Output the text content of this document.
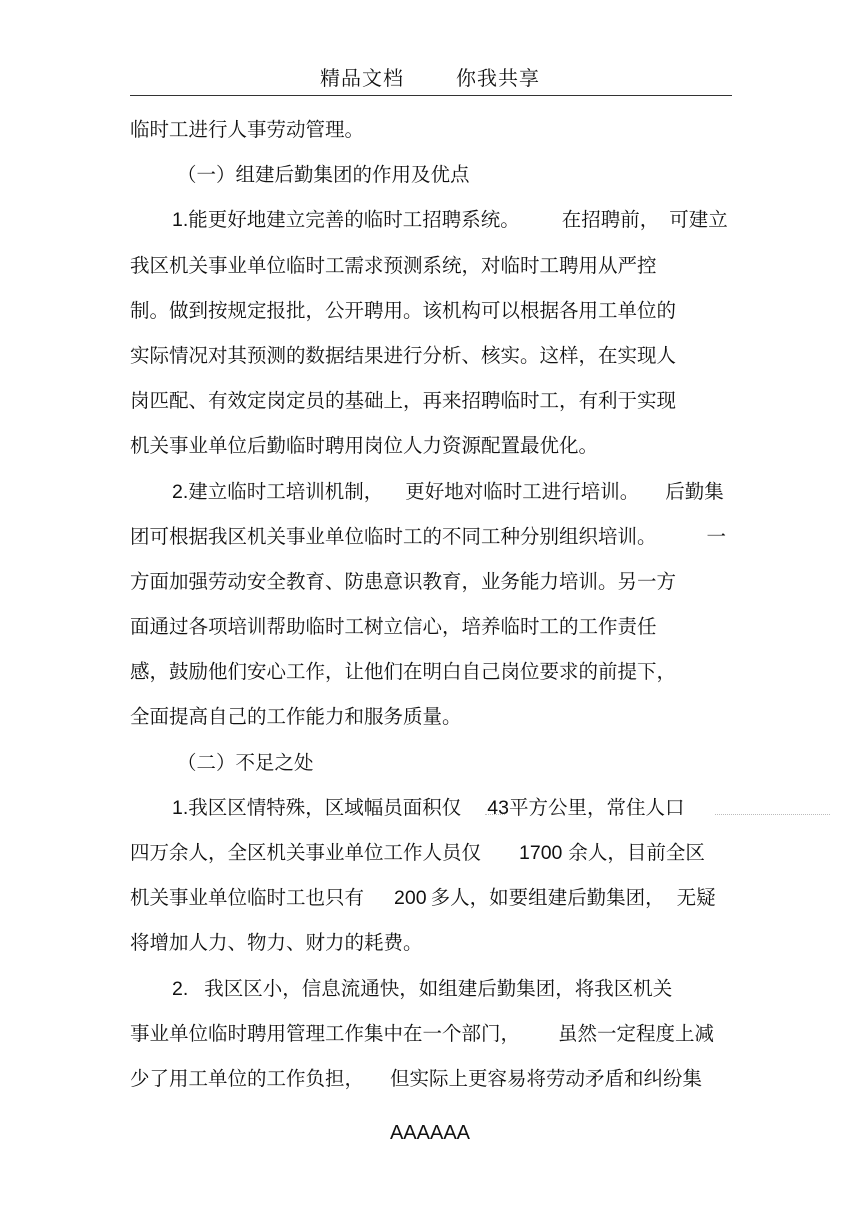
精品文档	你我共享
临时工进行人事劳动管理。
（一）组建后勤集团的作用及优点
1.能更好地建立完善的临时工招聘系统。 在招聘前， 可建立
我区机关事业单位临时工需求预测系统，对临时工聘用从严控
制。做到按规定报批，公开聘用。该机构可以根据各用工单位的
实际情况对其预测的数据结果进行分析、核实。这样，在实现人
岗匹配、有效定岗定员的基础上，再来招聘临时工，有利于实现
机关事业单位后勤临时聘用岗位人力资源配置最优化。
2.建立临时工培训机制， 更好地对临时工进行培训。 后勤集
团可根据我区机关事业单位临时工的不同工种分别组织培训。	一
方面加强劳动安全教育、防患意识教育，业务能力培训。另一方
面通过各项培训帮助临时工树立信心，培养临时工的工作责任
感，鼓励他们安心工作，让他们在明白自己岗位要求的前提下，
全面提高自己的工作能力和服务质量。
（二）不足之处
1.我区区情特殊，区域幅员面积仅 43平方公里，常住人口
四万余人，全区机关事业单位工作人员仅 1700 余人，目前全区
机关事业单位临时工也只有 200 多人，如要组建后勤集团， 无疑
将增加人力、物力、财力的耗费。
2. 我区区小，信息流通快，如组建后勤集团，将我区机关
事业单位临时聘用管理工作集中在一个部门， 虽然一定程度上减
少了用工单位的工作负担， 但实际上更容易将劳动矛盾和纠纷集
AAAAAA
